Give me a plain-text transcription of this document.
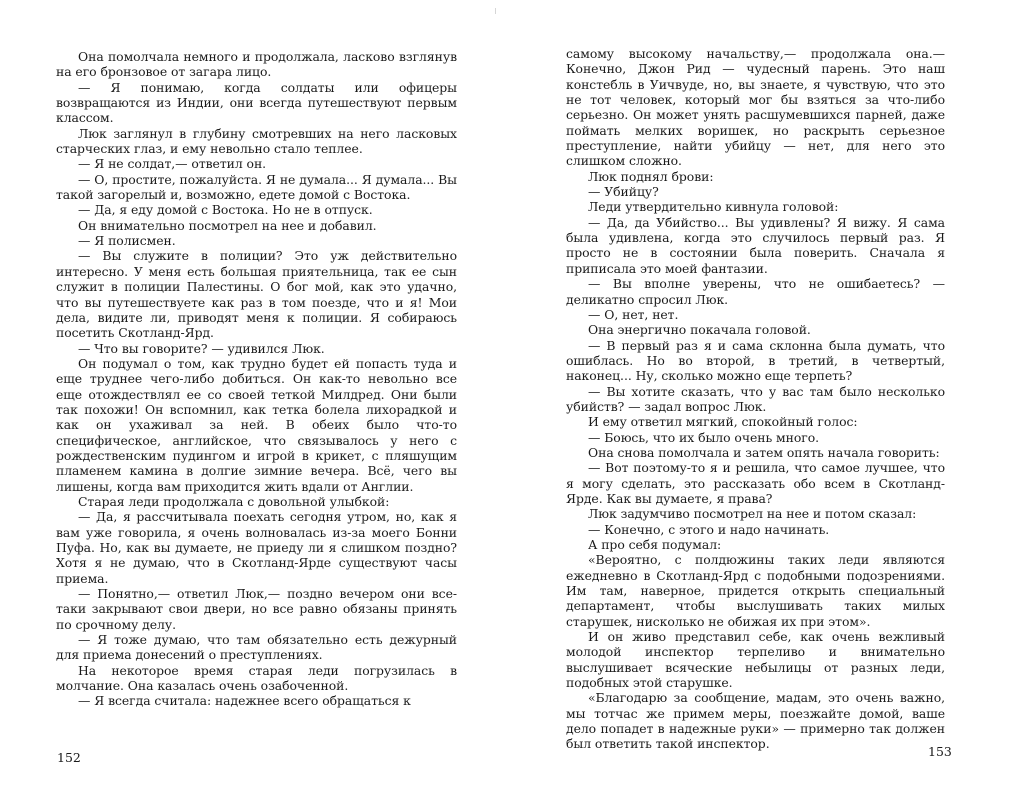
Она помолчала немного и продолжала, ласково взглянув на его бронзовое от загара лицо.

— Я понимаю, когда солдаты или офицеры возвращаются из Индии, они всегда путешествуют первым классом.

Люк заглянул в глубину смотревших на него ласковых старческих глаз, и ему невольно стало теплее.

— Я не солдат,— ответил он.

— О, простите, пожалуйста. Я не думала... Я думала... Вы такой загорелый и, возможно, едете домой с Востока.

— Да, я еду домой с Востока. Но не в отпуск.

Он внимательно посмотрел на нее и добавил.

— Я полисмен.

— Вы служите в полиции? Это уж действительно интересно. У меня есть большая приятельница, так ее сын служит в полиции Палестины. О бог мой, как это удачно, что вы путешествуете как раз в том поезде, что и я! Мои дела, видите ли, приводят меня к полиции. Я собираюсь посетить Скотланд-Ярд.

— Что вы говорите? — удивился Люк.

Он подумал о том, как трудно будет ей попасть туда и еще труднее чего-либо добиться. Он как-то невольно все еще отождествлял ее со своей теткой Милдред. Они были так похожи! Он вспомнил, как тетка болела лихорадкой и как он ухаживал за ней. В обеих было что-то специфическое, английское, что связывалось у него с рождественским пудингом и игрой в крикет, с пляшущим пламенем камина в долгие зимние вечера. Всё, чего вы лишены, когда вам приходится жить вдали от Англии.

Старая леди продолжала с довольной улыбкой:

— Да, я рассчитывала поехать сегодня утром, но, как я вам уже говорила, я очень волновалась из-за моего Бонни Пуфа. Но, как вы думаете, не приеду ли я слишком поздно? Хотя я не думаю, что в Скотланд-Ярде существуют часы приема.

— Понятно,— ответил Люк,— поздно вечером они все-таки закрывают свои двери, но все равно обязаны принять по срочному делу.

— Я тоже думаю, что там обязательно есть дежурный для приема донесений о преступлениях.

На некоторое время старая леди погрузилась в молчание. Она казалась очень озабоченной.

— Я всегда считала: надежнее всего обращаться к

152

самому высокому начальству,— продолжала она.— Конечно, Джон Рид — чудесный парень. Это наш констебль в Уичвуде, но, вы знаете, я чувствую, что это не тот человек, который мог бы взяться за что-либо серьезно. Он может унять расшумевшихся парней, даже поймать мелких воришек, но раскрыть серьезное преступление, найти убийцу — нет, для него это слишком сложно.

Люк поднял брови:

— Убийцу?

Леди утвердительно кивнула головой:

— Да, да Убийство... Вы удивлены? Я вижу. Я сама была удивлена, когда это случилось первый раз. Я просто не в состоянии была поверить. Сначала я приписала это моей фантазии.

— Вы вполне уверены, что не ошибаетесь? — деликатно спросил Люк.

— О, нет, нет.

Она энергично покачала головой.

— В первый раз я и сама склонна была думать, что ошиблась. Но во второй, в третий, в четвертый, наконец... Ну, сколько можно еще терпеть?

— Вы хотите сказать, что у вас там было несколько убийств? — задал вопрос Люк.

И ему ответил мягкий, спокойный голос:

— Боюсь, что их было очень много.

Она снова помолчала и затем опять начала говорить:

— Вот поэтому-то я и решила, что самое лучшее, что я могу сделать, это рассказать обо всем в Скотланд-Ярде. Как вы думаете, я права?

Люк задумчиво посмотрел на нее и потом сказал:

— Конечно, с этого и надо начинать.

А про себя подумал:

«Вероятно, с полдюжины таких леди являются ежедневно в Скотланд-Ярд с подобными подозрениями. Им там, наверное, придется открыть специальный департамент, чтобы выслушивать таких милых старушек, нисколько не обижая их при этом».

И он живо представил себе, как очень вежливый молодой инспектор терпеливо и внимательно выслушивает всяческие небылицы от разных леди, подобных этой старушке.

«Благодарю за сообщение, мадам, это очень важно, мы тотчас же примем меры, поезжайте домой, ваше дело попадет в надежные руки» — примерно так должен был ответить такой инспектор.

153
